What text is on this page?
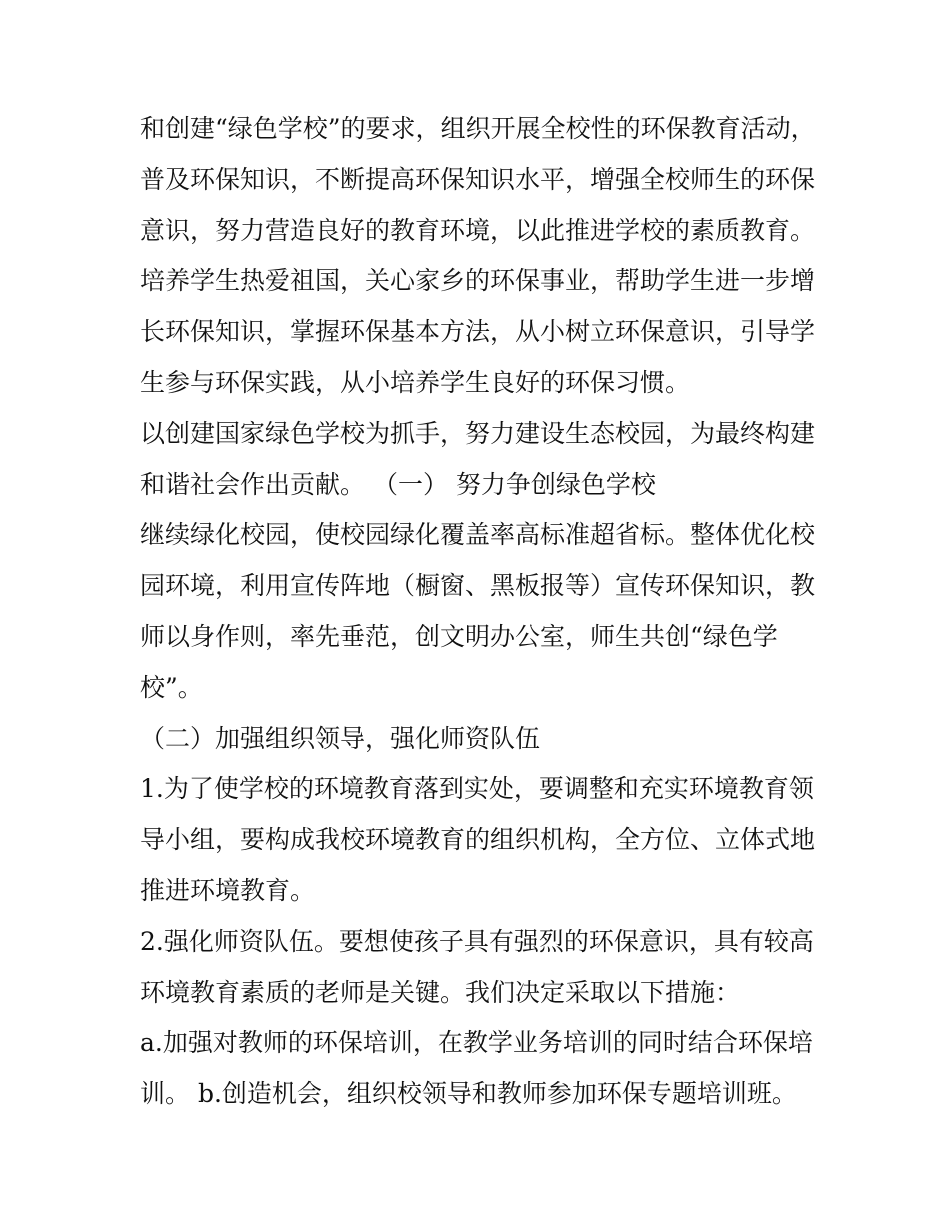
和创建“绿色学校”的要求，组织开展全校性的环保教育活动，
普及环保知识，不断提高环保知识水平，增强全校师生的环保
意识，努力营造良好的教育环境，以此推进学校的素质教育。
培养学生热爱祖国，关心家乡的环保事业，帮助学生进一步增
长环保知识，掌握环保基本方法，从小树立环保意识，引导学
生参与环保实践，从小培养学生良好的环保习惯。
以创建国家绿色学校为抓手，努力建设生态校园，为最终构建
和谐社会作出贡献。 （一） 努力争创绿色学校
继续绿化校园，使校园绿化覆盖率高标准超省标。整体优化校
园环境，利用宣传阵地（橱窗、黑板报等）宣传环保知识，教
师以身作则，率先垂范，创文明办公室，师生共创“绿色学
校”。
（二）加强组织领导，强化师资队伍
1.为了使学校的环境教育落到实处，要调整和充实环境教育领
导小组，要构成我校环境教育的组织机构，全方位、立体式地
推进环境教育。
2.强化师资队伍。要想使孩子具有强烈的环保意识，具有较高
环境教育素质的老师是关键。我们决定采取以下措施：
a.加强对教师的环保培训，在教学业务培训的同时结合环保培
训。 b.创造机会，组织校领导和教师参加环保专题培训班。
